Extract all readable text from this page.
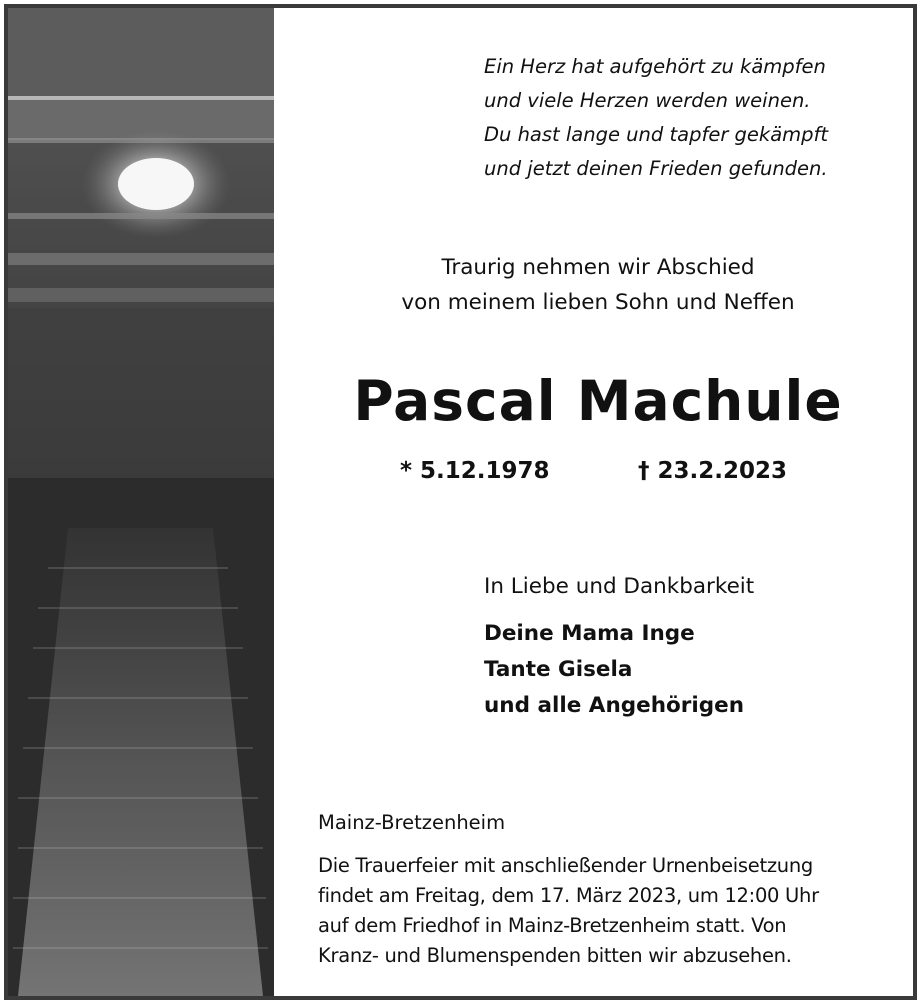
Ein Herz hat aufgehört zu kämpfen
und viele Herzen werden weinen.
Du hast lange und tapfer gekämpft
und jetzt deinen Frieden gefunden.
Traurig nehmen wir Abschied
von meinem lieben Sohn und Neffen
Pascal Machule
* 5.12.1978	† 23.2.2023
In Liebe und Dankbarkeit
Deine Mama Inge
Tante Gisela
und alle Angehörigen
Mainz-Bretzenheim
Die Trauerfeier mit anschließender Urnenbeisetzung
findet am Freitag, dem 17. März 2023, um 12:00 Uhr
auf dem Friedhof in Mainz-Bretzenheim statt. Von
Kranz- und Blumenspenden bitten wir abzusehen.
